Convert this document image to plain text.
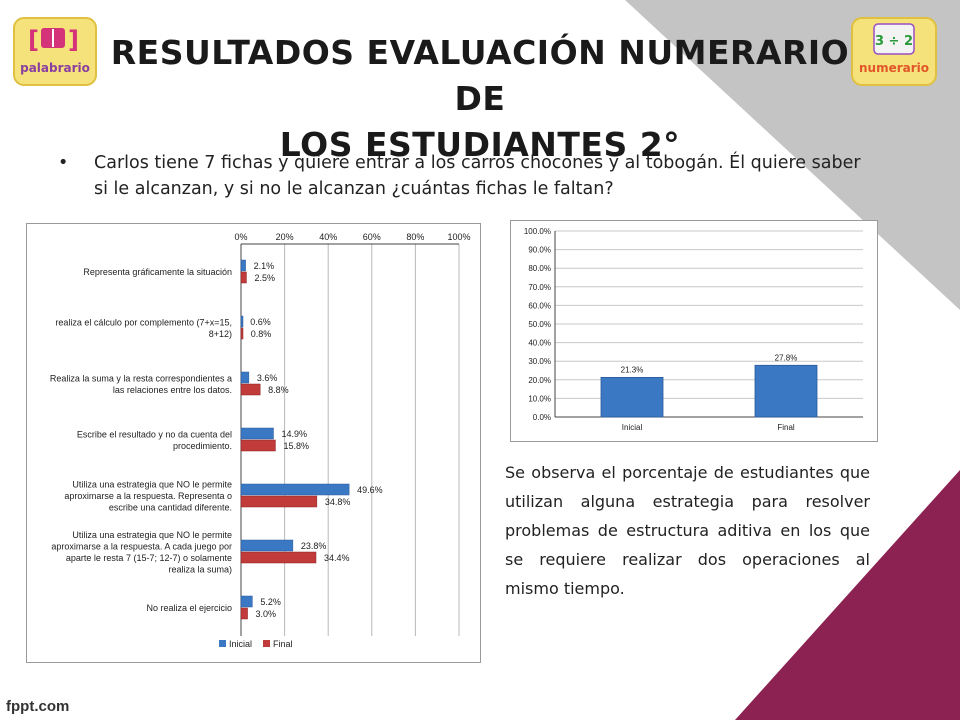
[ ]
palabrario
3 ÷ 2
numerario
RESULTADOS EVALUACIÓN NUMERARIO DE
LOS ESTUDIANTES 2°
• Carlos tiene 7 fichas y quiere entrar a los carros chocones y al tobogán. Él quiere saber si le alcanzan, y si no le alcanzan ¿cuántas fichas le faltan?
0%	20%	40%	60%	80%	100%
Representa gráficamente la situación
2.1%
2.5%
realiza el cálculo por complemento (7+x=15, 8+12)
0.6%
0.8%
Realiza la suma y la resta correspondientes a las relaciones entre los datos.
3.6%
8.8%
Escribe el resultado y no da cuenta del procedimiento.
14.9%
15.8%
Utiliza una estrategia que NO le permite aproximarse a la respuesta. Representa o escribe una cantidad diferente.
49.6%
34.8%
Utiliza una estrategia que NO le permite aproximarse a la respuesta. A cada juego por aparte le resta 7 (15-7; 12-7) o solamente realiza la suma)
23.8%
34.4%
No realiza el ejercicio
5.2%
3.0%
Inicial Final
0.0%
10.0%
20.0%
30.0%
40.0%
50.0%
60.0%
70.0%
80.0%
90.0%
100.0%
21.3%
Inicial
27.8%
Final
Se observa el porcentaje de estudiantes que utilizan alguna estrategia para resolver problemas de estructura aditiva en los que se requiere realizar dos operaciones al mismo tiempo.
fppt.com
